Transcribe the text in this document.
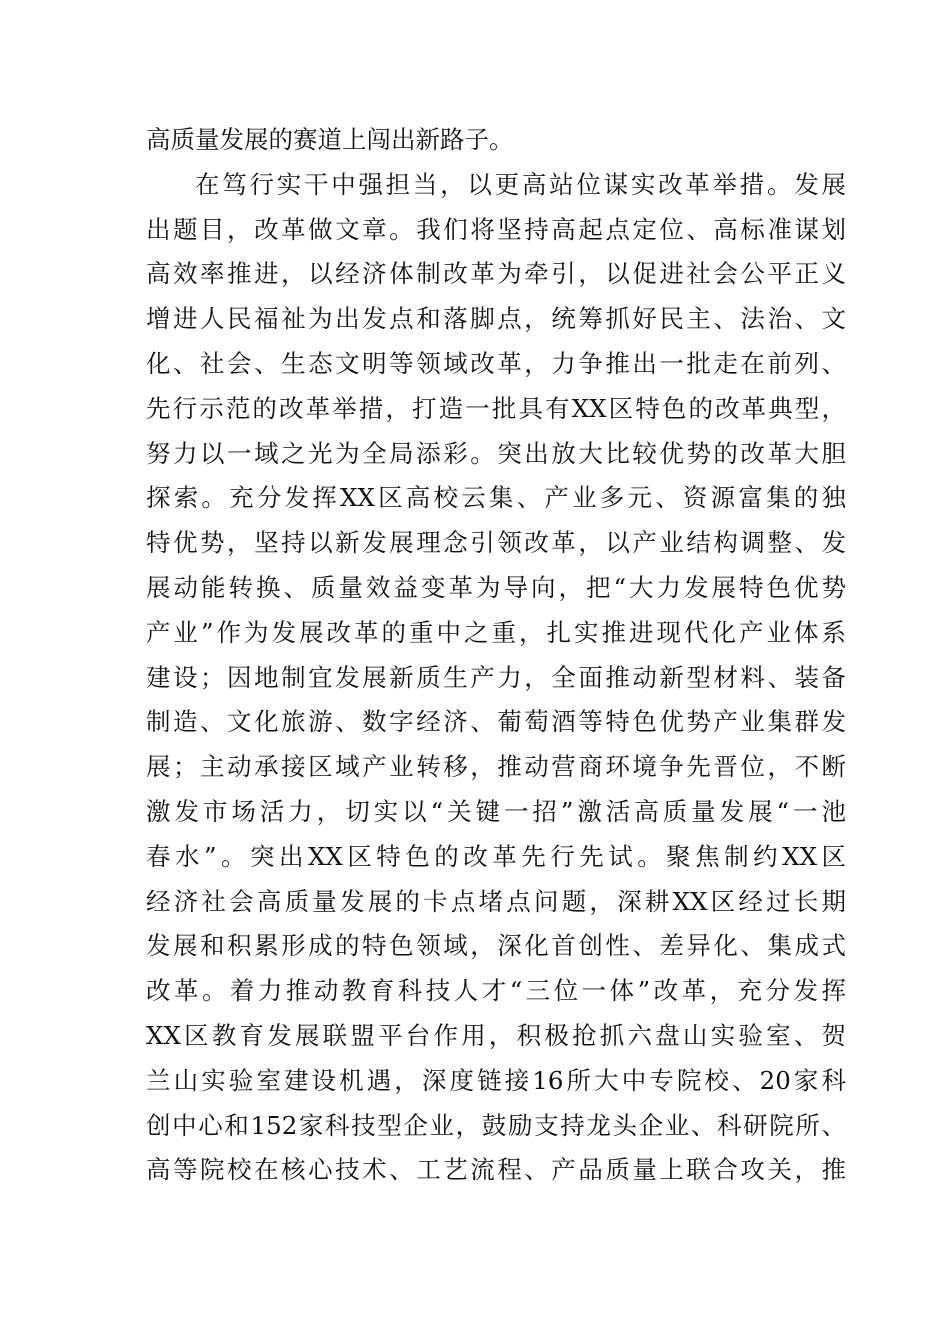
高质量发展的赛道上闯出新路子。
在笃行实干中强担当，以更高站位谋实改革举措。发展
出题目，改革做文章。我们将坚持高起点定位、高标准谋划
高效率推进，以经济体制改革为牵引，以促进社会公平正义
增进人民福祉为出发点和落脚点，统筹抓好民主、法治、文
化、社会、生态文明等领域改革，力争推出一批走在前列、
先行示范的改革举措，打造一批具有XX区特色的改革典型，
努力以一域之光为全局添彩。突出放大比较优势的改革大胆
探索。充分发挥XX区高校云集、产业多元、资源富集的独
特优势，坚持以新发展理念引领改革，以产业结构调整、发
展动能转换、质量效益变革为导向，把“大力发展特色优势
产业”作为发展改革的重中之重，扎实推进现代化产业体系
建设；因地制宜发展新质生产力，全面推动新型材料、装备
制造、文化旅游、数字经济、葡萄酒等特色优势产业集群发
展；主动承接区域产业转移，推动营商环境争先晋位，不断
激发市场活力，切实以“关键一招”激活高质量发展“一池
春水”。突出XX区特色的改革先行先试。聚焦制约XX区
经济社会高质量发展的卡点堵点问题，深耕XX区经过长期
发展和积累形成的特色领域，深化首创性、差异化、集成式
改革。着力推动教育科技人才“三位一体”改革，充分发挥
XX区教育发展联盟平台作用，积极抢抓六盘山实验室、贺
兰山实验室建设机遇，深度链接16所大中专院校、20家科
创中心和152家科技型企业，鼓励支持龙头企业、科研院所、
高等院校在核心技术、工艺流程、产品质量上联合攻关，推
